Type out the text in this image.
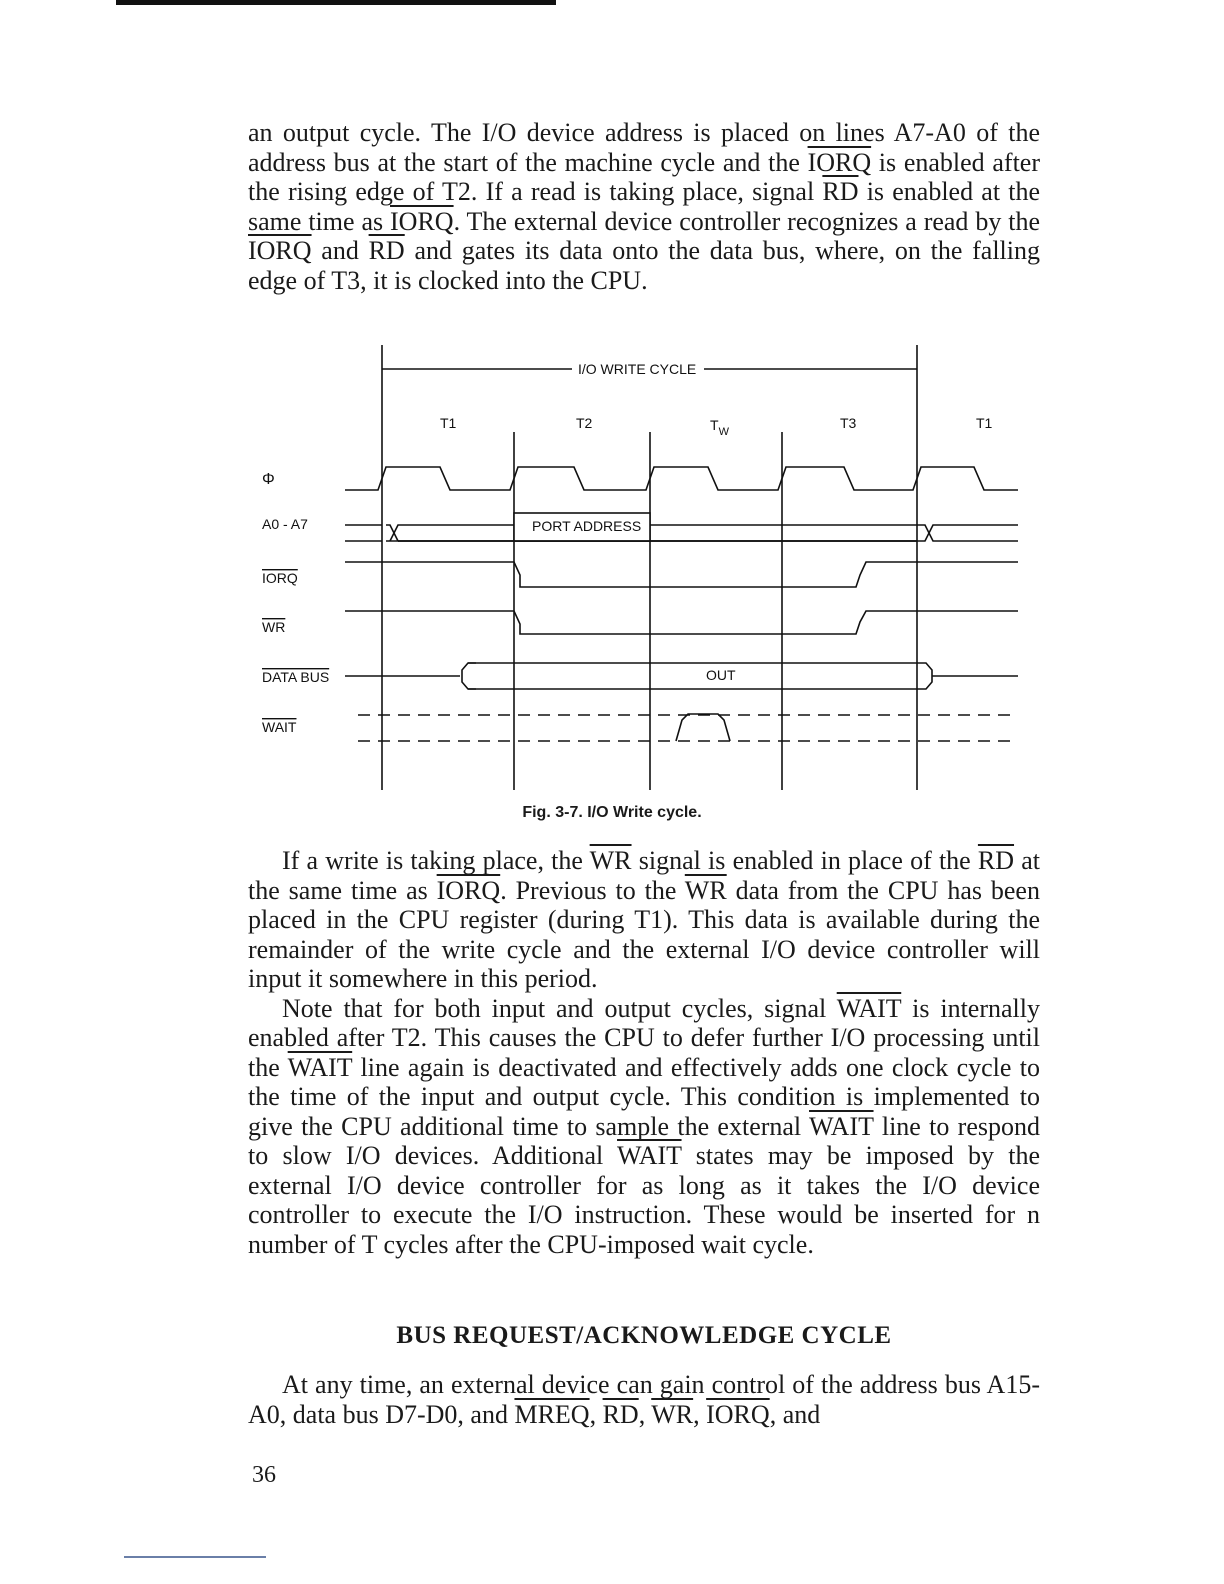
an output cycle. The I/O device address is placed on lines A7-A0 of the address bus at the start of the machine cycle and the IORQ is enabled after the rising edge of T2. If a read is taking place, signal $\overline{RD}$ is enabled at the same time as IORQ. The external device controller recognizes a read by the IORQ and $\overline{RD}$ and gates its data onto the data bus, where, on the falling edge of T3, it is clocked into the CPU.

I/O WRITE CYCLE
T1	T2	$T_W$
T3	T1
Φ
A0 - A7
IORQ
WR
DATA BUS
WAIT
PORT ADDRESS
OUT
Fig. 3-7. I/O Write cycle.

If a write is taking place, the $\overline{WR}$ signal is enabled in place of the $\overline{RD}$ at the same time as IORQ. Previous to the $\overline{WR}$ data from the CPU has been placed in the CPU register (during T1). This data is available during the remainder of the write cycle and the external I/O device controller will input it somewhere in this period.

Note that for both input and output cycles, signal WAIT is internally enabled after T2. This causes the CPU to defer further I/O processing until the WAIT line again is deactivated and effectively adds one clock cycle to the time of the input and output cycle. This condition is implemented to give the CPU additional time to sample the external WAIT line to respond to slow I/O devices. Additional WAIT states may be imposed by the external I/O device controller for as long as it takes the I/O device controller to execute the I/O instruction. These would be inserted for n number of T cycles after the CPU-imposed wait cycle.

BUS REQUEST/ACKNOWLEDGE CYCLE

At any time, an external device can gain control of the address bus A15-A0, data bus D7-D0, and MREQ, $\overline{RD}$, $\overline{WR}$, IORQ, and

36
